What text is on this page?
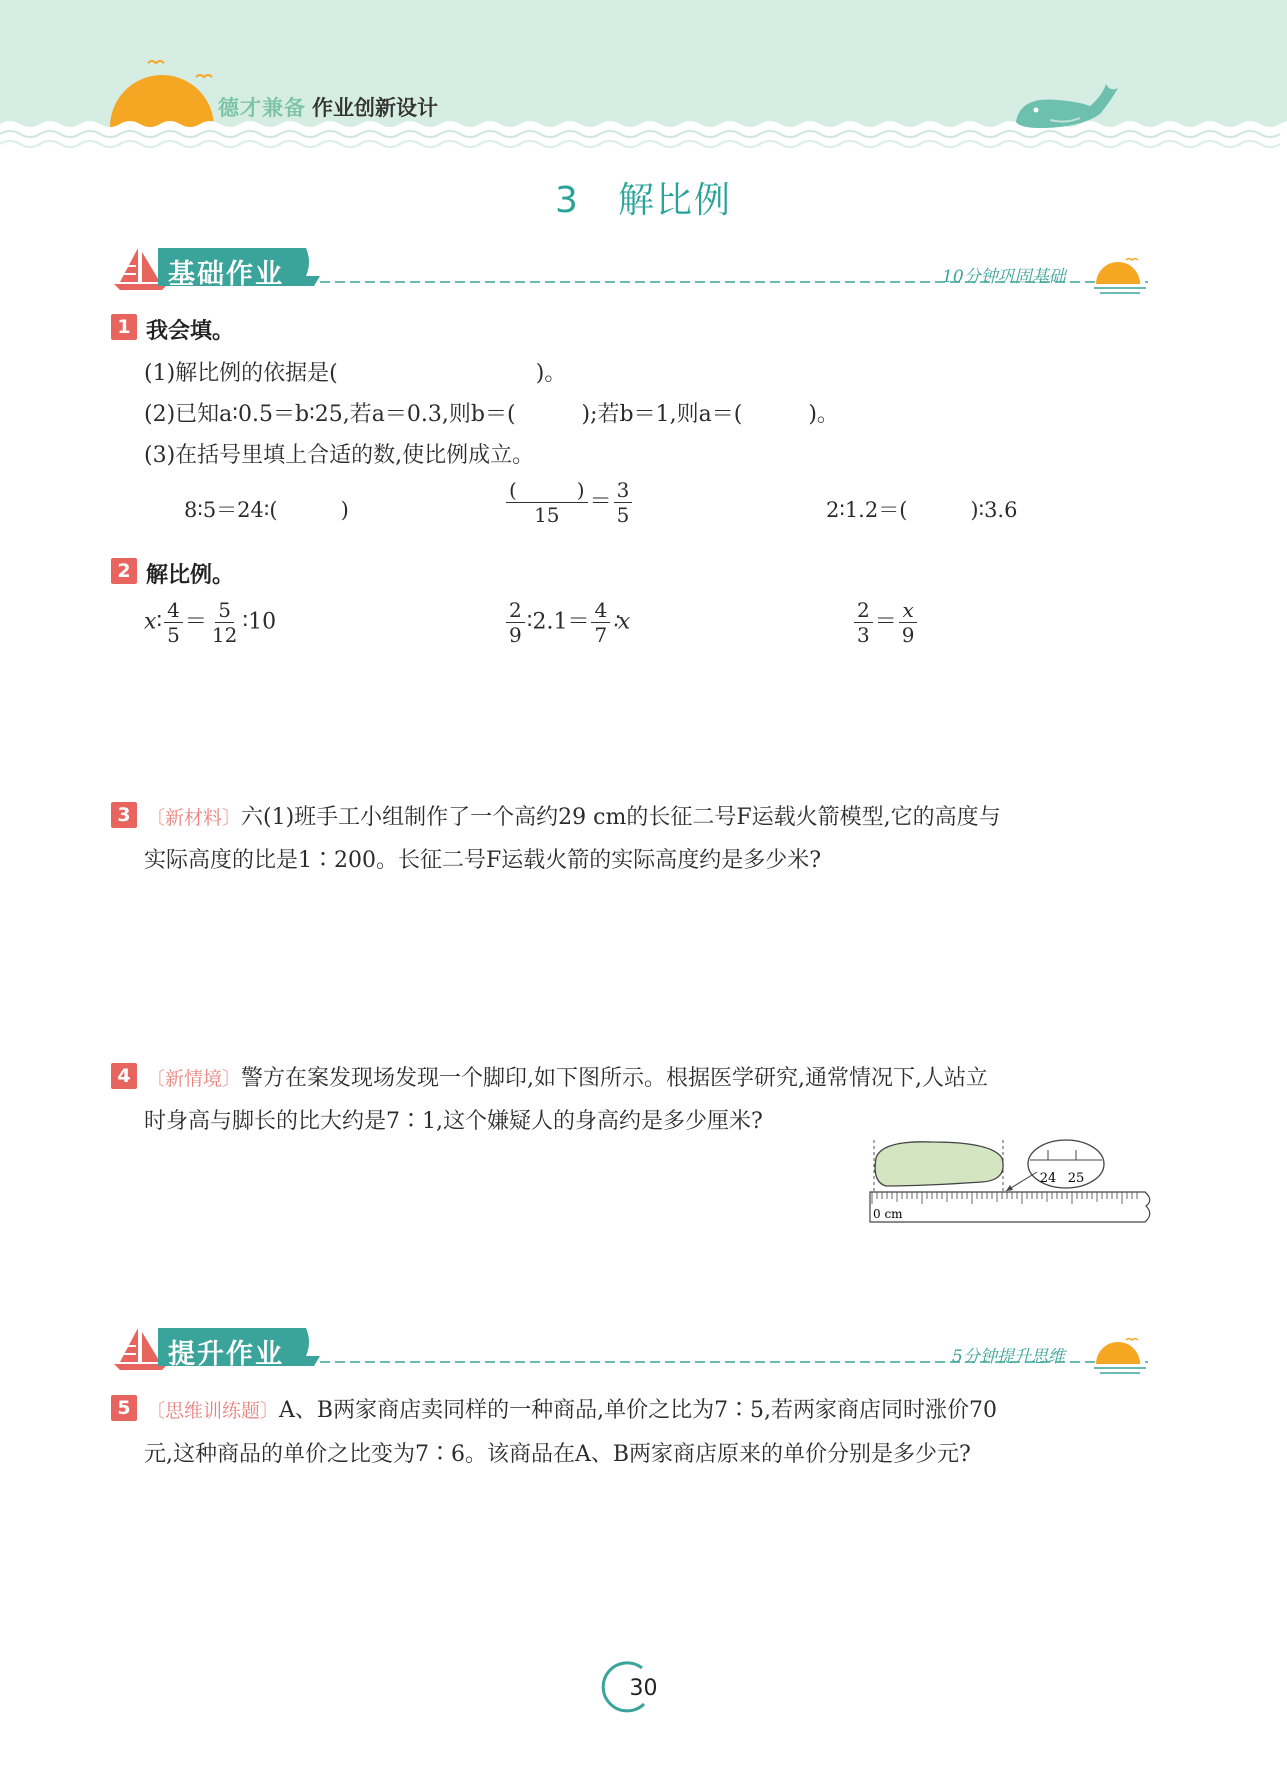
德才兼备 作业创新设计
3　解比例
基础作业	10分钟巩固基础
1 我会填。
(1)解比例的依据是(　　　　　　　　　)。
(2)已知a∶0.5＝b∶25,若a＝0.3,则b＝(　　　);若b＝1,则a＝(　　　)。
(3)在括号里填上合适的数,使比例成立。
8∶5＝24∶(　　　)	$\frac{( )}{15} = \frac{3}{5}$	2∶1.2＝(　　　)∶3.6
2 解比例。
x∶ $\frac{4}{5} = \frac{5}{12}$ ∶10	$\frac{2}{9}$ ∶2.1＝ $\frac{4}{7}$ ∶x	$\frac{2}{3} = \frac{x}{9}$
3 〔新材料〕六(1)班手工小组制作了一个高约29 cm的长征二号F运载火箭模型,它的高度与
实际高度的比是1∶200。长征二号F运载火箭的实际高度约是多少米?
4 〔新情境〕警方在案发现场发现一个脚印,如下图所示。根据医学研究,通常情况下,人站立
时身高与脚长的比大约是7∶1,这个嫌疑人的身高约是多少厘米?
24 25
0 cm
提升作业	5分钟提升思维
5 〔思维训练题〕A、B两家商店卖同样的一种商品,单价之比为7∶5,若两家商店同时涨价70
元,这种商品的单价之比变为7∶6。该商品在A、B两家商店原来的单价分别是多少元?
30
